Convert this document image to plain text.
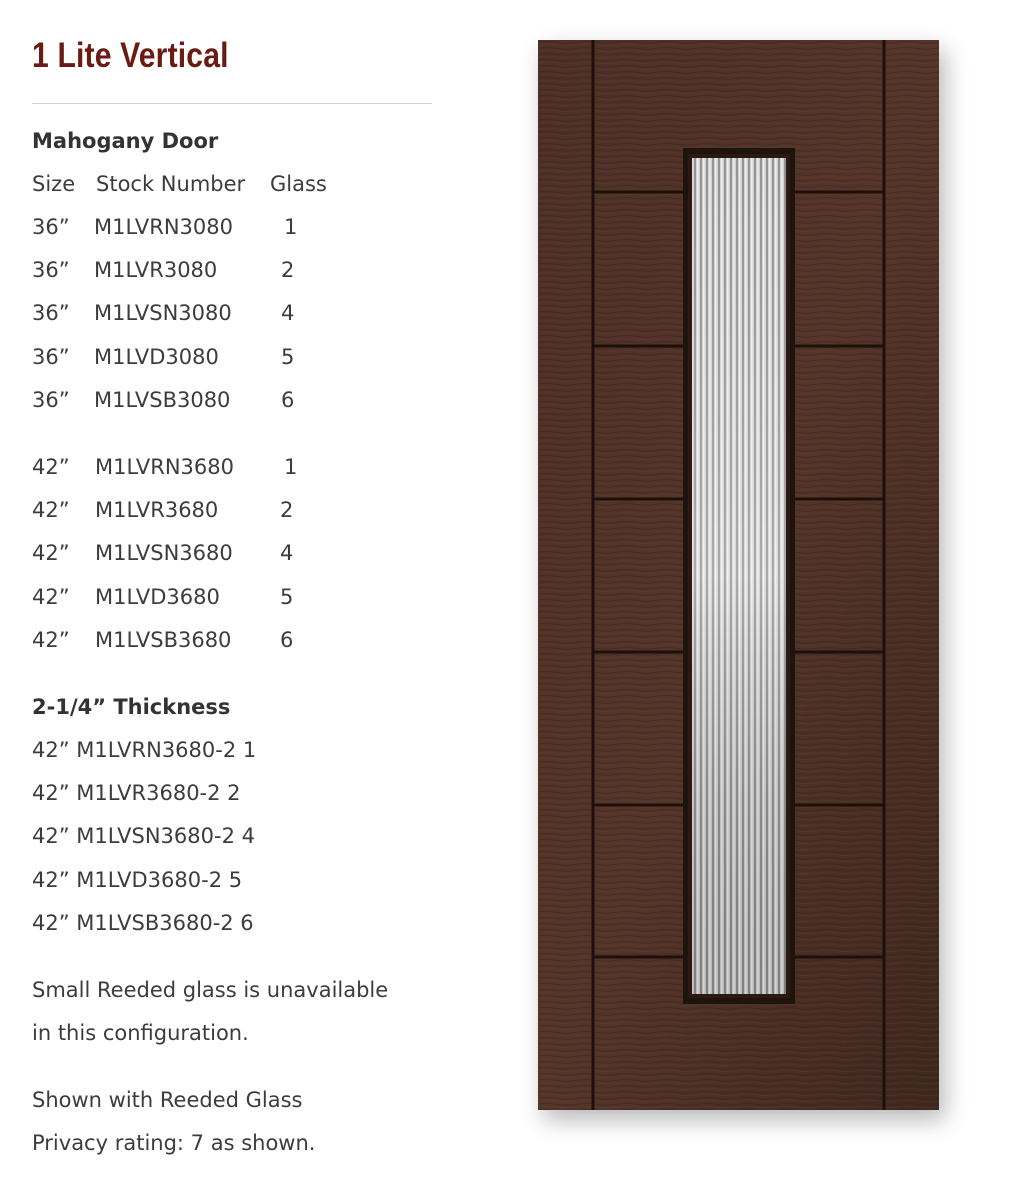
1 Lite Vertical
Mahogany Door
Size Stock Number Glass
36” M1LVRN3080 1
36” M1LVR3080	2
36” M1LVSN3080 4
36” M1LVD3080	5
36” M1LVSB3080 6
42” M1LVRN3680 1
42” M1LVR3680	2
42” M1LVSN3680 4
42” M1LVD3680	5
42” M1LVSB3680 6
2-1/4” Thickness
42” M1LVRN3680-2 1
42” M1LVR3680-2 2
42” M1LVSN3680-2 4
42” M1LVD3680-2 5
42” M1LVSB3680-2 6
Small Reeded glass is unavailable
in this configuration.
Shown with Reeded Glass
Privacy rating: 7 as shown.
